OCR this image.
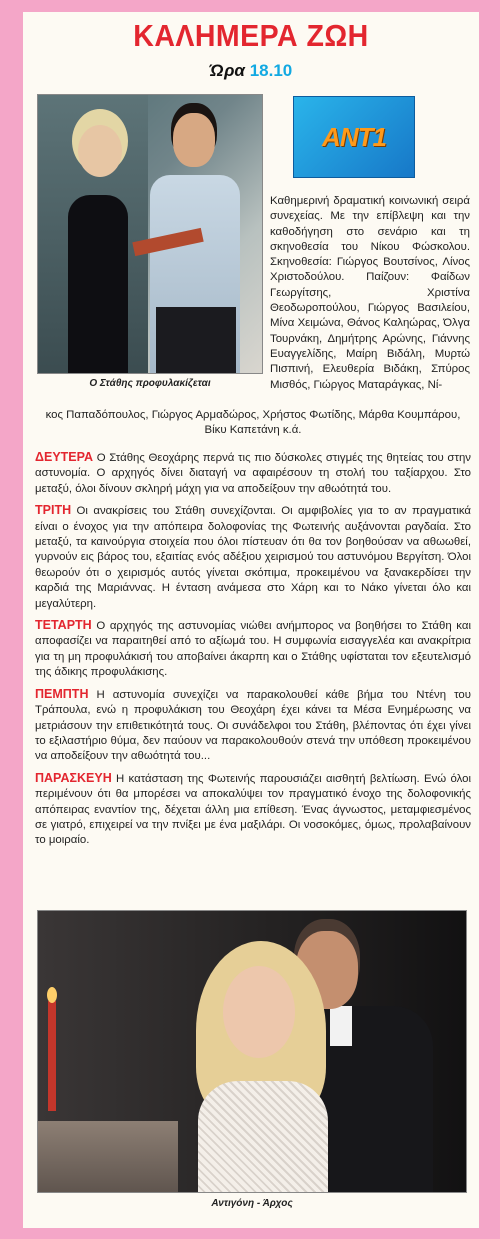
ΚΑΛΗΜΕΡΑ ΖΩΗ
Ώρα 18.10
Ο Στάθης προφυλακίζεται
ANT1
Καθημερινή δραματική κοινωνική σειρά συνεχείας. Με την επίβλεψη και την καθοδήγηση στο σενάριο και τη σκηνοθεσία του Νίκου Φώσκολου. Σκηνοθεσία: Γιώργος Βουτσίνος, Λίνος Χριστοδούλου. Παίζουν: Φαίδων Γεωργίτσης, Χριστίνα Θεοδωροπούλου, Γιώργος Βασιλείου, Μίνα Χειμώνα, Θάνος Καληώρας, Όλγα Τουρνάκη, Δημήτρης Αρώνης, Γιάννης Ευαγγελίδης, Μαίρη Βιδάλη, Μυρτώ Πισπινή, Ελευθερία Βιδάκη, Σπύρος Μισθός, Γιώργος Ματαράγκας, Νί-
κος Παπαδόπουλος, Γιώργος Αρμαδώρος, Χρήστος Φωτίδης, Μάρθα Κουμπάρου, Βίκυ Καπετάνη κ.ά.
ΔΕΥΤΕΡΑ Ο Στάθης Θεοχάρης περνά τις πιο δύσκολες στιγμές της θητείας του στην αστυνομία. Ο αρχηγός δίνει διαταγή να αφαιρέσουν τη στολή του ταξίαρχου. Στο μεταξύ, όλοι δίνουν σκληρή μάχη για να αποδείξουν την αθωότητά του.
ΤΡΙΤΗ Οι ανακρίσεις του Στάθη συνεχίζονται. Οι αμφιβολίες για το αν πραγματικά είναι ο ένοχος για την απόπειρα δολοφονίας της Φωτεινής αυξάνονται ραγδαία. Στο μεταξύ, τα καινούργια στοιχεία που όλοι πίστευαν ότι θα τον βοηθούσαν να αθωωθεί, γυρνούν εις βάρος του, εξαιτίας ενός αδέξιου χειρισμού του αστυνόμου Βεργίτση. Όλοι θεωρούν ότι ο χειρισμός αυτός γίνεται σκόπιμα, προκειμένου να ξανακερδίσει την καρδιά της Μαριάννας. Η ένταση ανάμεσα στο Χάρη και το Νάκο γίνεται όλο και μεγαλύτερη.
ΤΕΤΑΡΤΗ Ο αρχηγός της αστυνομίας νιώθει ανήμπορος να βοηθήσει το Στάθη και αποφασίζει να παραιτηθεί από το αξίωμά του. Η συμφωνία εισαγγελέα και ανακρίτρια για τη μη προφυλάκισή του αποβαίνει άκαρπη και ο Στάθης υφίσταται τον εξευτελισμό της άδικης προφυλάκισης.
ΠΕΜΠΤΗ Η αστυνομία συνεχίζει να παρακολουθεί κάθε βήμα του Ντένη του Τράπουλα, ενώ η προφυλάκιση του Θεοχάρη έχει κάνει τα Μέσα Ενημέρωσης να μετριάσουν την επιθετικότητά τους. Οι συνάδελφοι του Στάθη, βλέποντας ότι έχει γίνει το εξιλαστήριο θύμα, δεν παύουν να παρακολουθούν στενά την υπόθεση προκειμένου να αποδείξουν την αθωότητά του...
ΠΑΡΑΣΚΕΥΗ Η κατάσταση της Φωτεινής παρουσιάζει αισθητή βελτίωση. Ενώ όλοι περιμένουν ότι θα μπορέσει να αποκαλύψει τον πραγματικό ένοχο της δολοφονικής απόπειρας εναντίον της, δέχεται άλλη μια επίθεση. Ένας άγνωστος, μεταμφιεσμένος σε γιατρό, επιχειρεί να την πνίξει με ένα μαξιλάρι. Οι νοσοκόμες, όμως, προλαβαίνουν το μοιραίο.
Αντιγόνη - Άρχος
